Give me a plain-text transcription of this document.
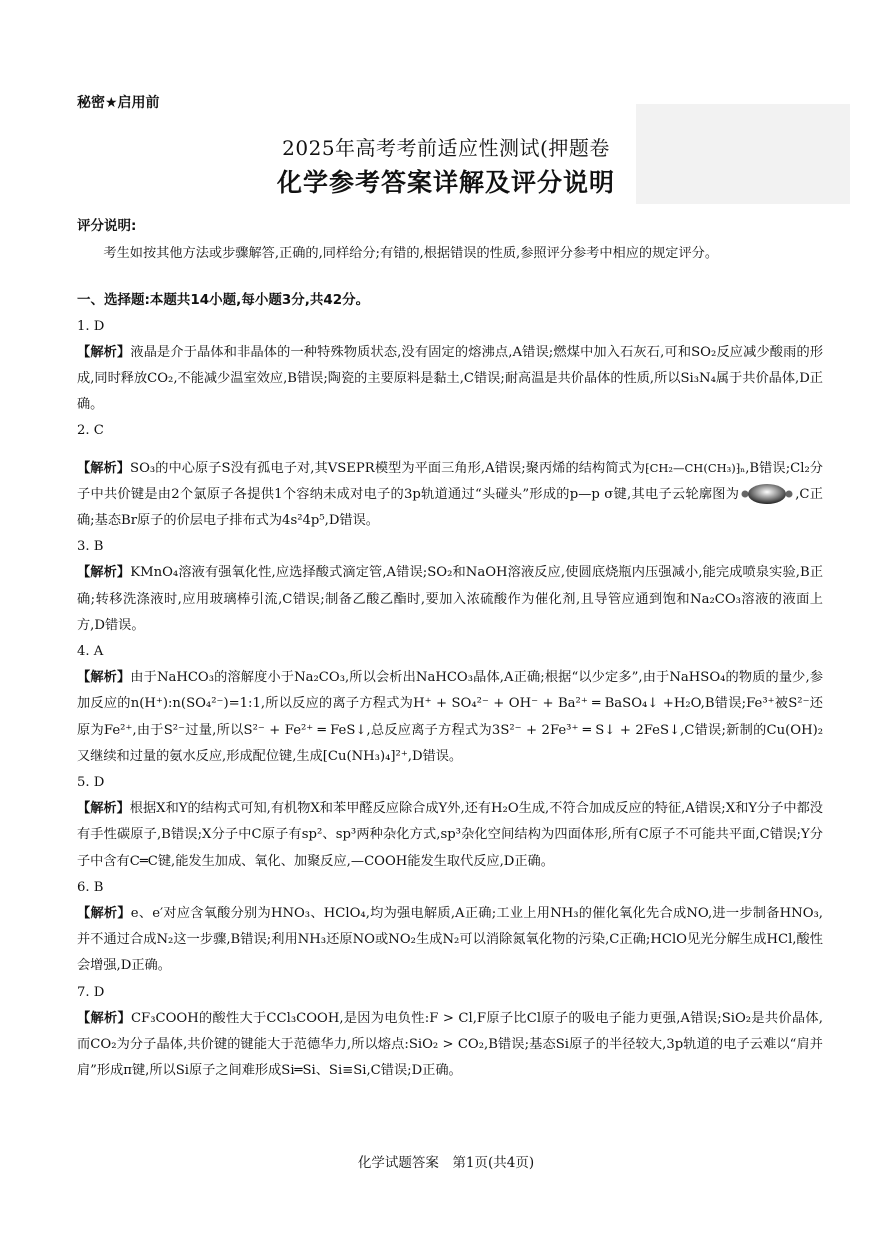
秘密★启用前
2025年高考考前适应性测试(押题卷
化学参考答案详解及评分说明
评分说明:

考生如按其他方法或步骤解答,正确的,同样给分;有错的,根据错误的性质,参照评分参考中相应的规定评分。

一、选择题:本题共14小题,每小题3分,共42分。

1. D

【解析】液晶是介于晶体和非晶体的一种特殊物质状态,没有固定的熔沸点,A错误;燃煤中加入石灰石,可和SO₂反应减少酸雨的形成,同时释放CO₂,不能减少温室效应,B错误;陶瓷的主要原料是黏土,C错误;耐高温是共价晶体的性质,所以Si₃N₄属于共价晶体,D正确。

2. C

【解析】SO₃的中心原子S没有孤电子对,其VSEPR模型为平面三角形,A错误;聚丙烯的结构简式为⁅CH₂—CH(CH₃)⁆ₙ,B错误;Cl₂分子中共价键是由2个氯原子各提供1个容纳未成对电子的3p轨道通过“头碰头”形成的p—p σ键,其电子云轮廓图为	,C正确;基态Br原子的价层电子排布式为4s²4p⁵,D错误。

3. B

【解析】KMnO₄溶液有强氧化性,应选择酸式滴定管,A错误;SO₂和NaOH溶液反应,使圆底烧瓶内压强减小,能完成喷泉实验,B正确;转移洗涤液时,应用玻璃棒引流,C错误;制备乙酸乙酯时,要加入浓硫酸作为催化剂,且导管应通到饱和Na₂CO₃溶液的液面上方,D错误。

4. A

【解析】由于NaHCO₃的溶解度小于Na₂CO₃,所以会析出NaHCO₃晶体,A正确;根据“以少定多”,由于NaHSO₄的物质的量少,参加反应的n(H⁺):n(SO₄²⁻)=1:1,所以反应的离子方程式为H⁺ + SO₄²⁻ + OH⁻ + Ba²⁺ ═ BaSO₄↓ +H₂O,B错误;Fe³⁺被S²⁻还原为Fe²⁺,由于S²⁻过量,所以S²⁻ + Fe²⁺ ═ FeS↓,总反应离子方程式为3S²⁻ + 2Fe³⁺ ═ S↓ + 2FeS↓,C错误;新制的Cu(OH)₂又继续和过量的氨水反应,形成配位键,生成[Cu(NH₃)₄]²⁺,D错误。

5. D

【解析】根据X和Y的结构式可知,有机物X和苯甲醛反应除合成Y外,还有H₂O生成,不符合加成反应的特征,A错误;X和Y分子中都没有手性碳原子,B错误;X分子中C原子有sp²、sp³两种杂化方式,sp³杂化空间结构为四面体形,所有C原子不可能共平面,C错误;Y分子中含有C═C键,能发生加成、氧化、加聚反应,—COOH能发生取代反应,D正确。

6. B

【解析】e、e′对应含氧酸分别为HNO₃、HClO₄,均为强电解质,A正确;工业上用NH₃的催化氧化先合成NO,进一步制备HNO₃,并不通过合成N₂这一步骤,B错误;利用NH₃还原NO或NO₂生成N₂可以消除氮氧化物的污染,C正确;HClO见光分解生成HCl,酸性会增强,D正确。

7. D

【解析】CF₃COOH的酸性大于CCl₃COOH,是因为电负性:F > Cl,F原子比Cl原子的吸电子能力更强,A错误;SiO₂是共价晶体,而CO₂为分子晶体,共价键的键能大于范德华力,所以熔点:SiO₂ > CO₂,B错误;基态Si原子的半径较大,3p轨道的电子云难以“肩并肩”形成π键,所以Si原子之间难形成Si═Si、Si≡Si,C错误;D正确。

化学试题答案　第1页(共4页)
